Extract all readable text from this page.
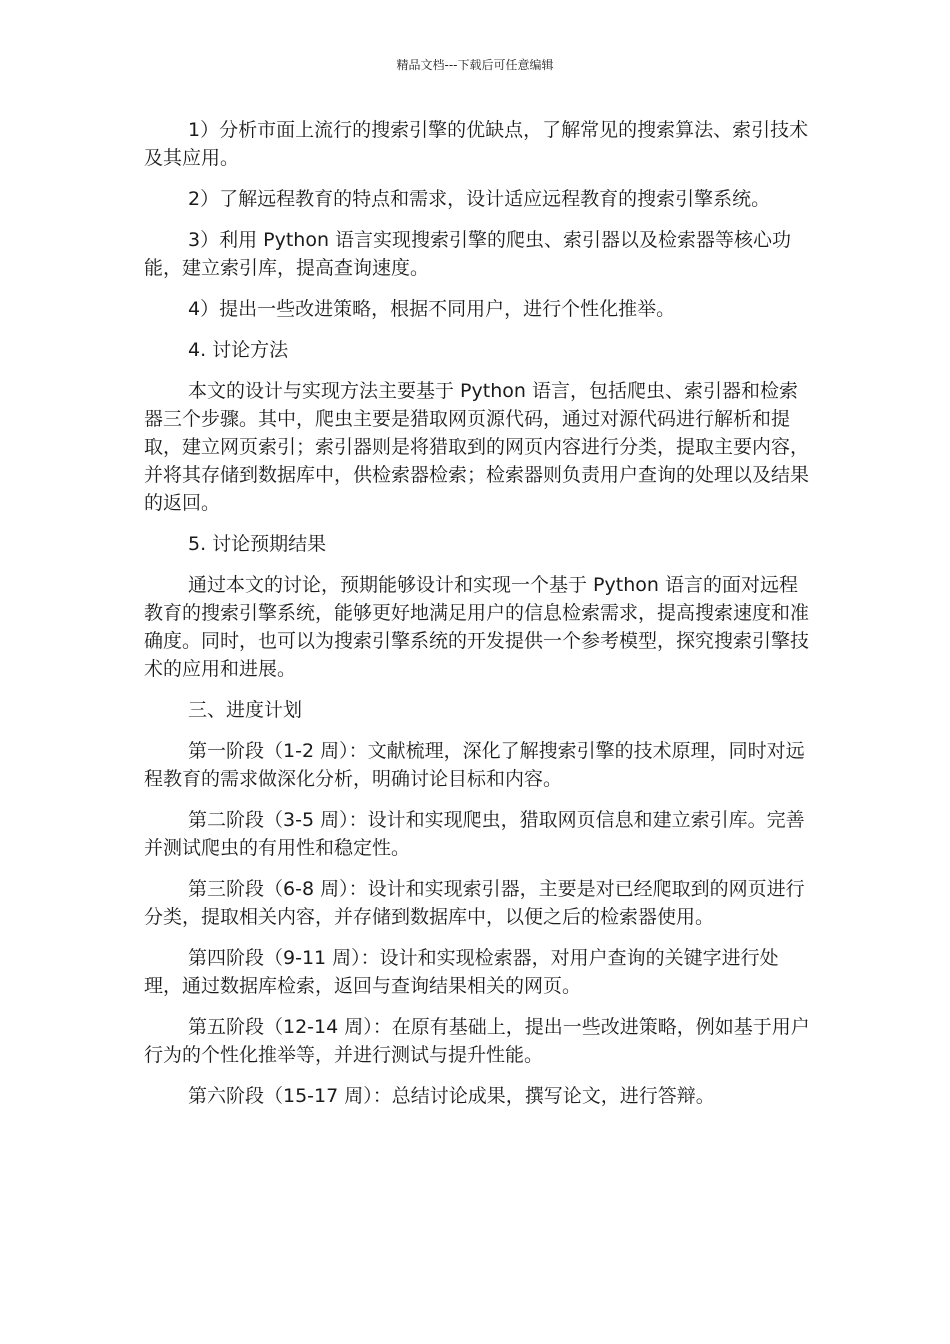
精品文档---下载后可任意编辑

1）分析市面上流行的搜索引擎的优缺点，了解常见的搜索算法、索引技术及其应用。

2）了解远程教育的特点和需求，设计适应远程教育的搜索引擎系统。

3）利用 Python 语言实现搜索引擎的爬虫、索引器以及检索器等核心功能，建立索引库，提高查询速度。

4）提出一些改进策略，根据不同用户，进行个性化推举。

4. 讨论方法

本文的设计与实现方法主要基于 Python 语言，包括爬虫、索引器和检索器三个步骤。其中，爬虫主要是猎取网页源代码，通过对源代码进行解析和提取，建立网页索引；索引器则是将猎取到的网页内容进行分类，提取主要内容，并将其存储到数据库中，供检索器检索；检索器则负责用户查询的处理以及结果的返回。

5. 讨论预期结果

通过本文的讨论，预期能够设计和实现一个基于 Python 语言的面对远程教育的搜索引擎系统，能够更好地满足用户的信息检索需求，提高搜索速度和准确度。同时，也可以为搜索引擎系统的开发提供一个参考模型，探究搜索引擎技术的应用和进展。

三、进度计划

第一阶段（1-2 周）：文献梳理，深化了解搜索引擎的技术原理，同时对远程教育的需求做深化分析，明确讨论目标和内容。

第二阶段（3-5 周）：设计和实现爬虫，猎取网页信息和建立索引库。完善并测试爬虫的有用性和稳定性。

第三阶段（6-8 周）：设计和实现索引器，主要是对已经爬取到的网页进行分类，提取相关内容，并存储到数据库中，以便之后的检索器使用。

第四阶段（9-11 周）：设计和实现检索器，对用户查询的关键字进行处理，通过数据库检索，返回与查询结果相关的网页。

第五阶段（12-14 周）：在原有基础上，提出一些改进策略，例如基于用户行为的个性化推举等，并进行测试与提升性能。

第六阶段（15-17 周）：总结讨论成果，撰写论文，进行答辩。
